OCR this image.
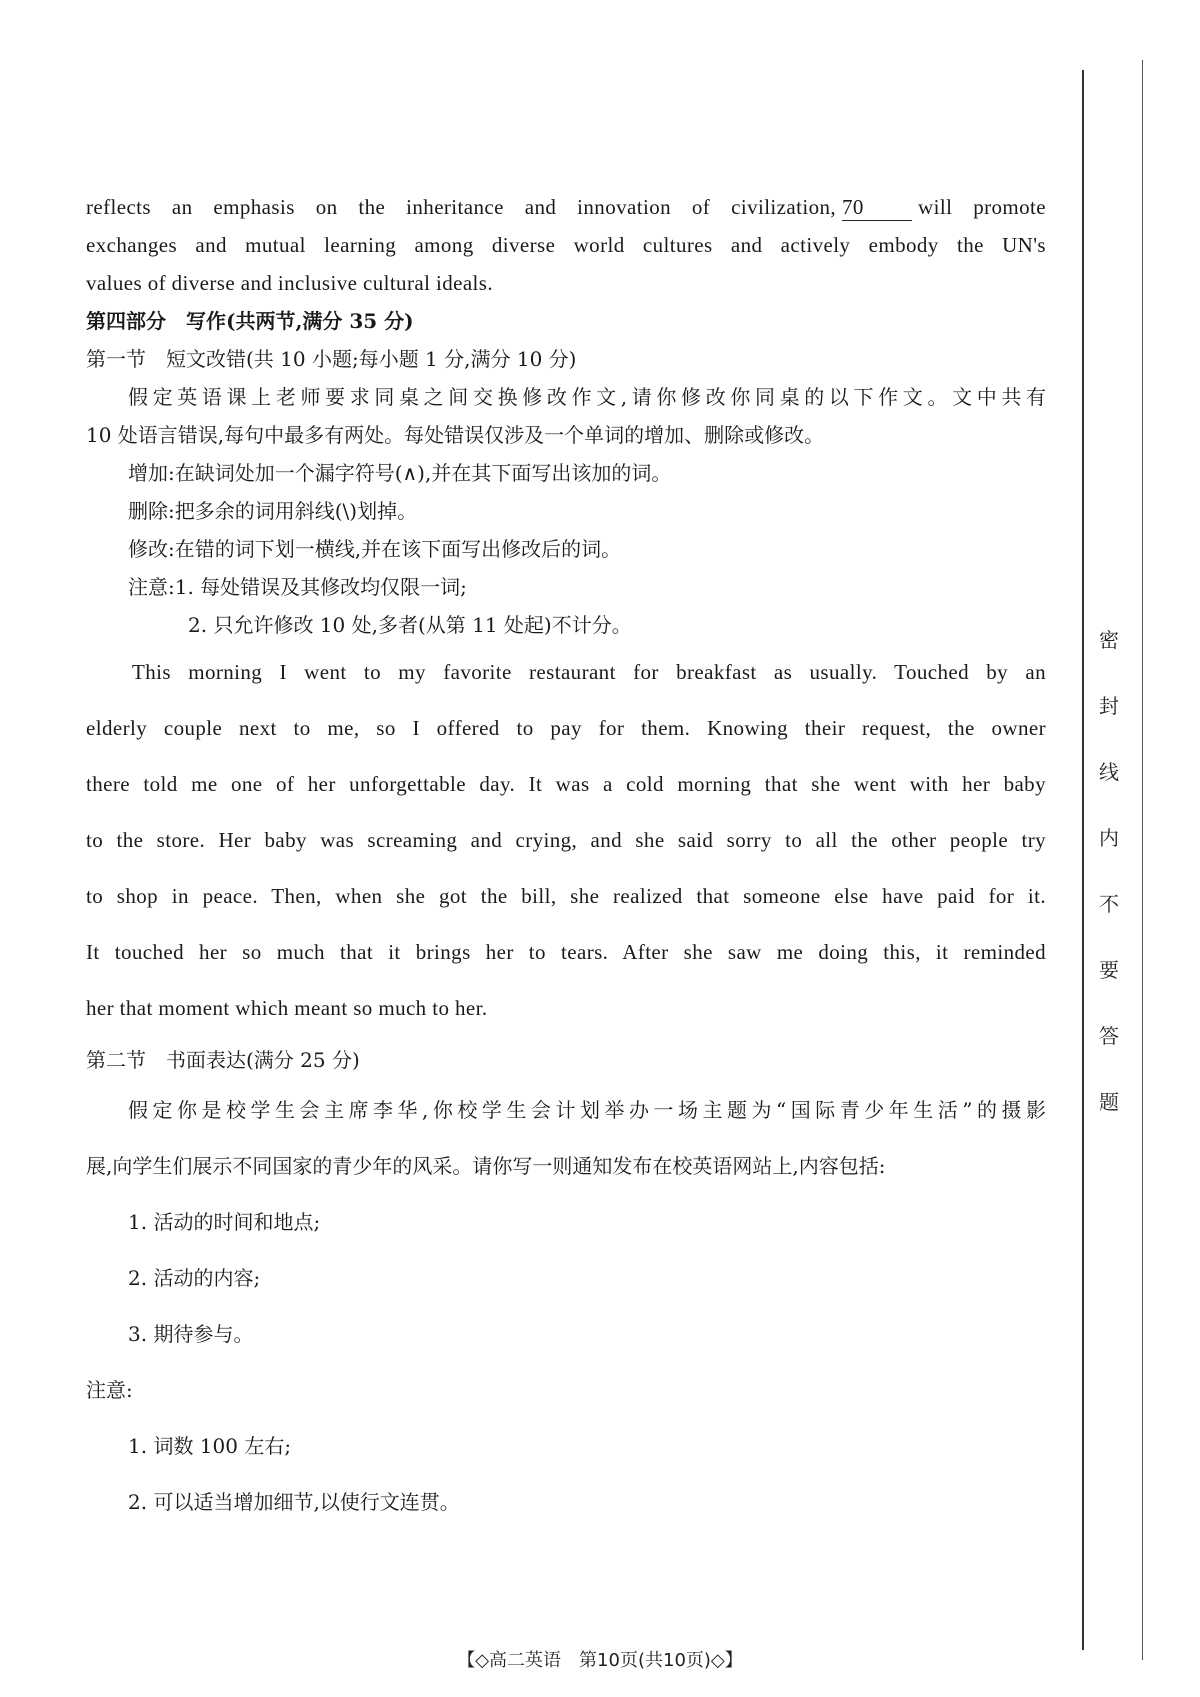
reflects an emphasis on the inheritance and innovation of civilization, 70	will promote

exchanges and mutual learning among diverse world cultures and actively embody the UN's

values of diverse and inclusive cultural ideals.

第四部分　写作(共两节,满分 35 分)

第一节　短文改错(共 10 小题;每小题 1 分,满分 10 分)

假定英语课上老师要求同桌之间交换修改作文,请你修改你同桌的以下作文。文中共有

10 处语言错误,每句中最多有两处。每处错误仅涉及一个单词的增加、删除或修改。

增加:在缺词处加一个漏字符号(∧),并在其下面写出该加的词。

删除:把多余的词用斜线(\)划掉。

修改:在错的词下划一横线,并在该下面写出修改后的词。

注意:1. 每处错误及其修改均仅限一词;

2. 只允许修改 10 处,多者(从第 11 处起)不计分。

This morning I went to my favorite restaurant for breakfast as usually. Touched by an

elderly couple next to me, so I offered to pay for them. Knowing their request, the owner

there told me one of her unforgettable day. It was a cold morning that she went with her baby

to the store. Her baby was screaming and crying, and she said sorry to all the other people try

to shop in peace. Then, when she got the bill, she realized that someone else have paid for it.

It touched her so much that it brings her to tears. After she saw me doing this, it reminded

her that moment which meant so much to her.

第二节　书面表达(满分 25 分)

假定你是校学生会主席李华,你校学生会计划举办一场主题为“国际青少年生活”的摄影

展,向学生们展示不同国家的青少年的风采。请你写一则通知发布在校英语网站上,内容包括:

1. 活动的时间和地点;

2. 活动的内容;

3. 期待参与。

注意:

1. 词数 100 左右;

2. 可以适当增加细节,以使行文连贯。

密
封
线
内
不
要
答
题
【◇高二英语　第10页(共10页)◇】
